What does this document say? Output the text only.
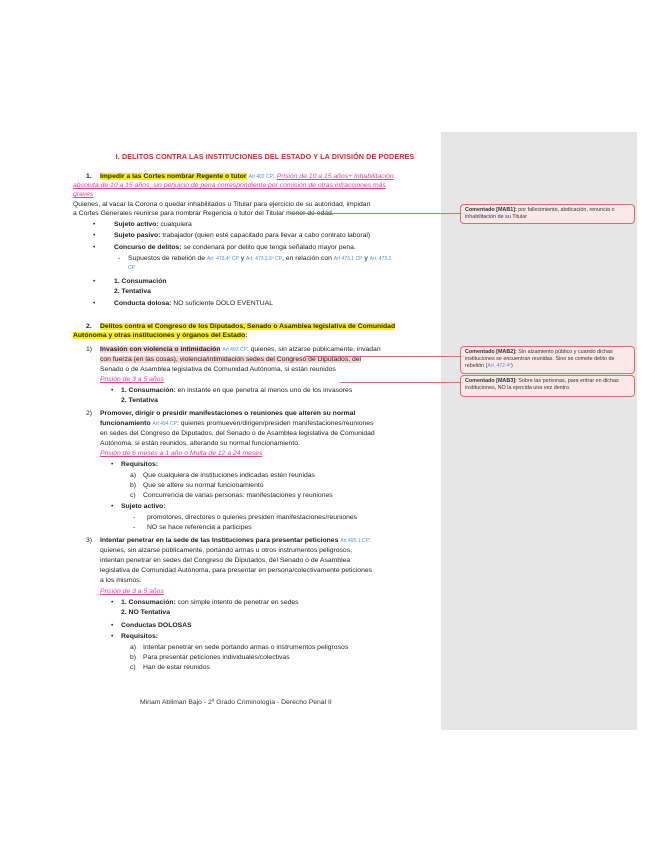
I. DELITOS CONTRA LAS INSTITUCIONES DEL ESTADO Y LA DIVISIÓN DE PODERES
1. Impedir a las Cortes nombrar Regente o tutor Art 402 CP: Prisión de 10 a 15 años+ Inhabilitación
absoluta de 10 a 15 años, sin perjuicio de pena correspondiente por comisión de otras infracciones más
graves
Quienes, al vacar la Corona o quedar inhabilitados u Titular para ejercicio de su autoridad, impidan
a Cortes Generales reunirse para nombrar Regencia o tutor del Titular menor de edad.
•	Sujeto activo: cualquiera
•	Sujeto pasivo: trabajador (quien esté capacitado para llevar a cabo contrato laboral)
•	Concurso de delitos: se condenará por delito que tenga señalado mayor pena.
- Supuestos de rebelión de Art. 473.4º CP y Art. 473.2.6º CP, en relación con Art 473.1 CP y Art. 473.2
CP
•	1. Consumación
2. Tentativa
•	Conducta dolosa: NO suficiente DOLO EVENTUAL
2. Delitos contra el Congreso de los Diputados, Senado o Asamblea legislativa de Comunidad
Autónoma y otras instituciones y órganos del Estado:
1) Invasión con violencia o intimidación Art 493 CP: quienes, sin alzarse públicamente, invadan
con fuerza (en las cosas), violencia/intimidación sedes del Congreso de Diputados, del
Senado o de Asamblea legislativa de Comunidad Autónoma, si están reunidos
Prisión de 3 a 5 años
• 1. Consumación: en instante en que penetra al menos uno de los invasores
2. Tentativa
2) Promover, dirigir o presidir manifestaciones o reuniones que alteren su normal
funcionamiento Art 494 CP: quienes promueven/dirigen/presiden manifestaciones/reuniones
en sedes del Congreso de Diputados, del Senado o de Asamblea legislativa de Comunidad
Autónoma, si están reunidos, alterando su normal funcionamiento.
Prisión de 6 meses a 1 año o Multa de 12 a 24 meses
• Requisitos:
a) Que cualquiera de instituciones indicadas estén reunidas
b) Que se altere su normal funcionamiento
c) Concurrencia de varias personas: manifestaciones y reuniones
• Sujeto activo:
- promotores, directores o quienes presiden manifestaciones/reuniones
- NO se hace referencia a participes
3) Intentar penetrar en la sede de las Instituciones para presentar peticiones Art 495.1 CP:
quienes, sin alzarse públicamente, portando armas u otros instrumentos peligrosos,
intentan penetrar en sedes del Congreso de Diputados, del Senado o de Asamblea
legislativa de Comunidad Autónoma, para presentar en persona/colectivamente peticiones
a los mismos.
Prisión de 3 a 5 años
• 1. Consumación: con simple intento de penetrar en sedes
2. NO Tentativa
• Conductas DOLOSAS
• Requisitos:
a) Intentar penetrar en sede portando armas o instrumentos peligrosos
b) Para presentar peticiones individuales/colectivas
c) Han de estar reunidos
Miriam Abliman Bajo - 2º Grado Criminología - Derecho Penal II
Comentado [MAB1]: por fallecimiento, abdicación, renuncia o inhabilitación de su Titular
Comentado [MAB2]: Sin alzamiento público y cuando dichas instituciones se encuentran reunidas. Sino se comete delito de rebelión (Art. 472.4º)
Comentado [MAB3]: Sobre las personas, para entrar en dichas instituciones, NO la ejercida una vez dentro.
